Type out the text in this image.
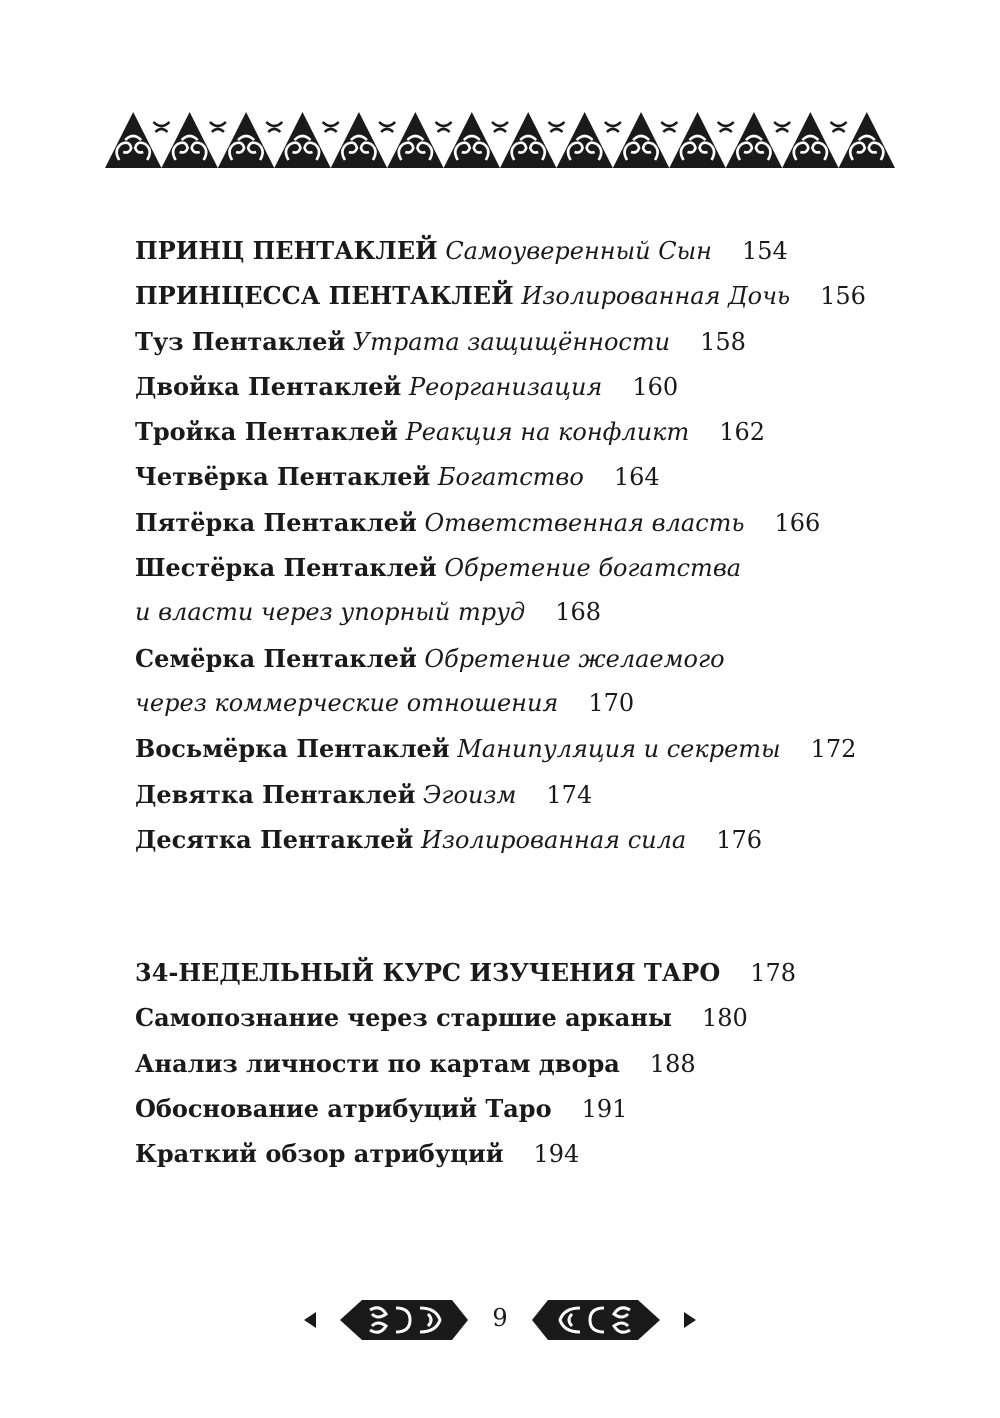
ПРИНЦ ПЕНТАКЛЕЙ Самоуверенный Сын 154
ПРИНЦЕССА ПЕНТАКЛЕЙ Изолированная Дочь 156
Туз Пентаклей Утрата защищённости 158
Двойка Пентаклей Реорганизация 160
Тройка Пентаклей Реакция на конфликт 162
Четвёрка Пентаклей Богатство 164
Пятёрка Пентаклей Ответственная власть 166
Шестёрка Пентаклей Обретение богатства
и власти через упорный труд 168
Семёрка Пентаклей Обретение желаемого
через коммерческие отношения 170
Восьмёрка Пентаклей Манипуляция и секреты 172
Девятка Пентаклей Эгоизм 174
Десятка Пентаклей Изолированная сила 176
34-НЕДЕЛЬНЫЙ КУРС ИЗУЧЕНИЯ ТАРО 178
Самопознание через старшие арканы 180
Анализ личности по картам двора 188
Обоснование атрибуций Таро 191
Краткий обзор атрибуций 194
9
